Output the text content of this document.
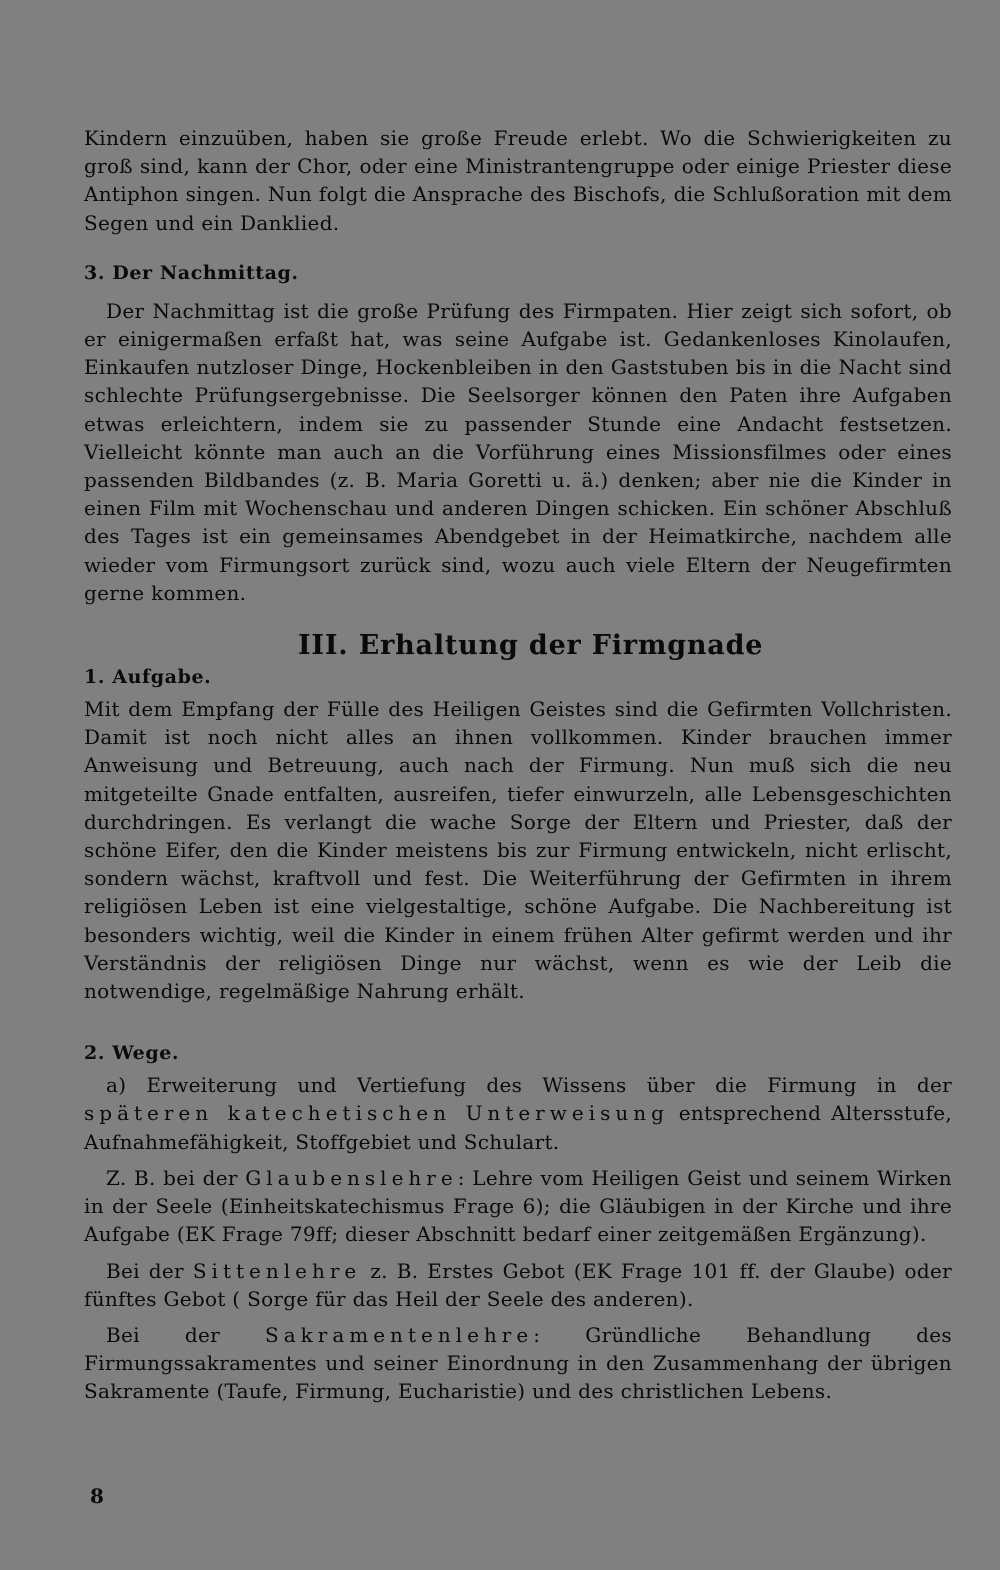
Kindern einzuüben, haben sie große Freude erlebt. Wo die Schwierigkeiten zu groß sind, kann der Chor, oder eine Ministrantengruppe oder einige Priester diese Antiphon singen. Nun folgt die Ansprache des Bischofs, die Schlußoration mit dem Segen und ein Danklied.

3. Der Nachmittag.

Der Nachmittag ist die große Prüfung des Firmpaten. Hier zeigt sich sofort, ob er einigermaßen erfaßt hat, was seine Aufgabe ist. Gedankenloses Kinolaufen, Einkaufen nutzloser Dinge, Hockenbleiben in den Gaststuben bis in die Nacht sind schlechte Prüfungsergebnisse. Die Seelsorger können den Paten ihre Aufgaben etwas erleichtern, indem sie zu passender Stunde eine Andacht festsetzen. Vielleicht könnte man auch an die Vorführung eines Missionsfilmes oder eines passenden Bildbandes (z. B. Maria Goretti u. ä.) denken; aber nie die Kinder in einen Film mit Wochenschau und anderen Dingen schicken. Ein schöner Abschluß des Tages ist ein gemeinsames Abendgebet in der Heimatkirche, nachdem alle wieder vom Firmungsort zurück sind, wozu auch viele Eltern der Neugefirmten gerne kommen.

III. Erhaltung der Firmgnade
1. Aufgabe.

Mit dem Empfang der Fülle des Heiligen Geistes sind die Gefirmten Vollchristen. Damit ist noch nicht alles an ihnen vollkommen. Kinder brauchen immer Anweisung und Betreuung, auch nach der Firmung. Nun muß sich die neu mitgeteilte Gnade entfalten, ausreifen, tiefer einwurzeln, alle Lebensgeschichten durchdringen. Es verlangt die wache Sorge der Eltern und Priester, daß der schöne Eifer, den die Kinder meistens bis zur Firmung entwickeln, nicht erlischt, sondern wächst, kraftvoll und fest. Die Weiterführung der Gefirmten in ihrem religiösen Leben ist eine vielgestaltige, schöne Aufgabe. Die Nachbereitung ist besonders wichtig, weil die Kinder in einem frühen Alter gefirmt werden und ihr Verständnis der religiösen Dinge nur wächst, wenn es wie der Leib die notwendige, regelmäßige Nahrung erhält.

2. Wege.

a) Erweiterung und Vertiefung des Wissens über die Firmung in der späteren katechetischen Unterweisung entsprechend Altersstufe, Aufnahmefähigkeit, Stoffgebiet und Schulart.

Z. B. bei der Glaubenslehre: Lehre vom Heiligen Geist und seinem Wirken in der Seele (Einheitskatechismus Frage 6); die Gläubigen in der Kirche und ihre Aufgabe (EK Frage 79ff; dieser Abschnitt bedarf einer zeitgemäßen Ergänzung).

Bei der Sittenlehre z. B. Erstes Gebot (EK Frage 101 ff. der Glaube) oder fünftes Gebot ( Sorge für das Heil der Seele des anderen).

Bei der Sakramentenlehre: Gründliche Behandlung des Firmungssakramentes und seiner Einordnung in den Zusammenhang der übrigen Sakramente (Taufe, Firmung, Eucharistie) und des christlichen Lebens.

8
